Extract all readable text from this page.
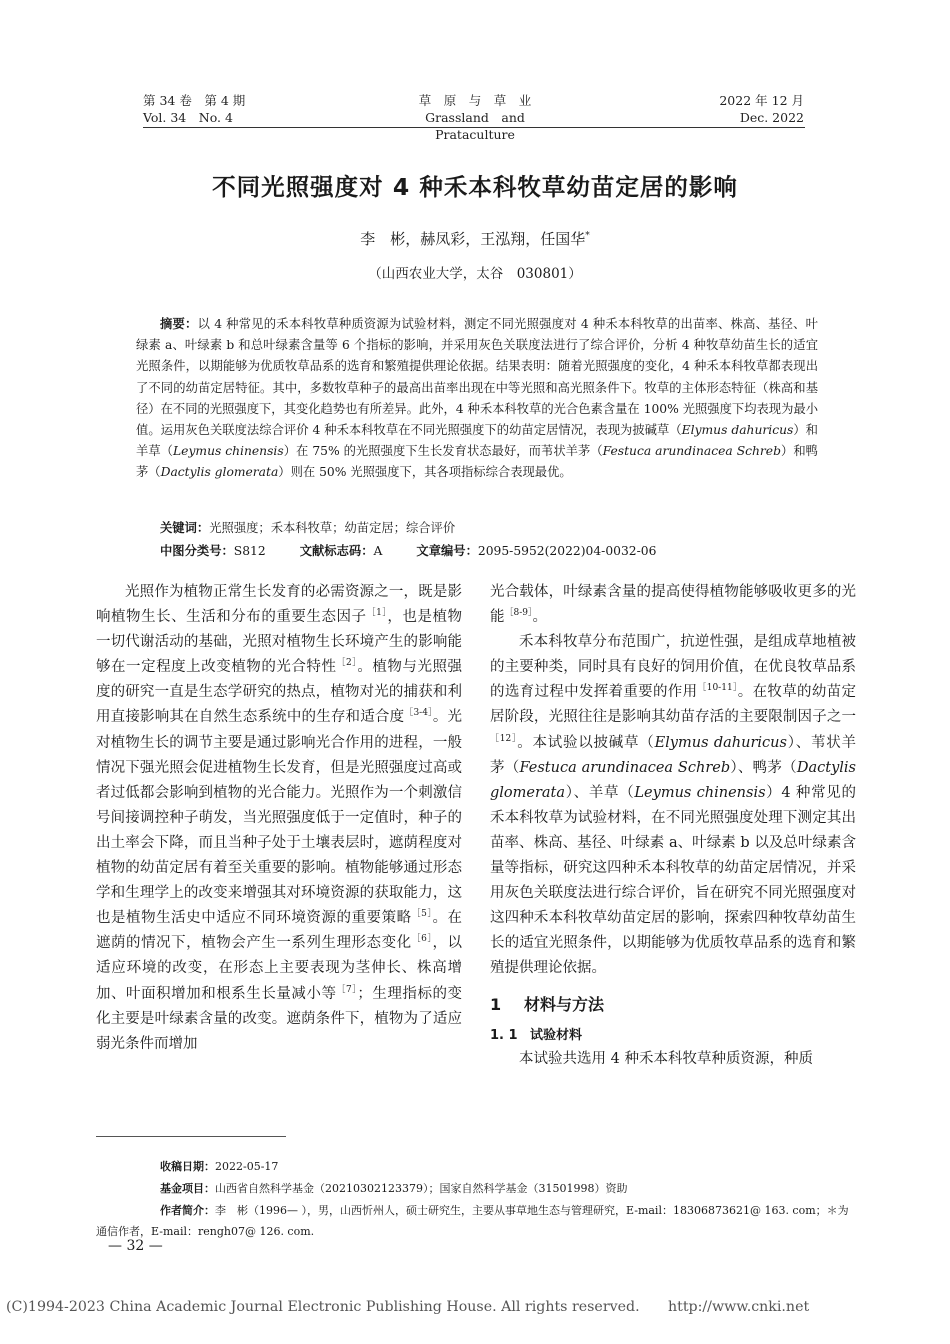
第 34 卷　第 4 期
Vol. 34　No. 4
草　原　与　草　业
Grassland　and　Prataculture
2022 年 12 月
Dec. 2022
不同光照强度对 4 种禾本科牧草幼苗定居的影响
李　彬，赫凤彩，王泓翔，任国华*
（山西农业大学，太谷　030801）
摘要：以 4 种常见的禾本科牧草种质资源为试验材料，测定不同光照强度对 4 种禾本科牧草的出苗率、株高、基径、叶绿素 a、叶绿素 b 和总叶绿素含量等 6 个指标的影响，并采用灰色关联度法进行了综合评价，分析 4 种牧草幼苗生长的适宜光照条件，以期能够为优质牧草品系的选育和繁殖提供理论依据。结果表明：随着光照强度的变化，4 种禾本科牧草都表现出了不同的幼苗定居特征。其中，多数牧草种子的最高出苗率出现在中等光照和高光照条件下。牧草的主体形态特征（株高和基径）在不同的光照强度下，其变化趋势也有所差异。此外，4 种禾本科牧草的光合色素含量在 100% 光照强度下均表现为最小值。运用灰色关联度法综合评价 4 种禾本科牧草在不同光照强度下的幼苗定居情况，表现为披碱草（Elymus dahuricus）和羊草（Leymus chinensis）在 75% 的光照强度下生长发育状态最好，而苇状羊茅（Festuca arundinacea Schreb）和鸭茅（Dactylis glomerata）则在 50% 光照强度下，其各项指标综合表现最优。
关键词：光照强度；禾本科牧草；幼苗定居；综合评价
中图分类号：S812	文献标志码：A	文章编号：2095-5952(2022)04-0032-06

光照作为植物正常生长发育的必需资源之一，既是影响植物生长、生活和分布的重要生态因子$^{[1]}$，也是植物一切代谢活动的基础，光照对植物生长环境产生的影响能够在一定程度上改变植物的光合特性$^{[2]}$。植物与光照强度的研究一直是生态学研究的热点，植物对光的捕获和利用直接影响其在自然生态系统中的生存和适合度$^{[3-4]}$。光对植物生长的调节主要是通过影响光合作用的进程，一般情况下强光照会促进植物生长发育，但是光照强度过高或者过低都会影响到植物的光合能力。光照作为一个刺激信号间接调控种子萌发，当光照强度低于一定值时，种子的出土率会下降，而且当种子处于土壤表层时，遮荫程度对植物的幼苗定居有着至关重要的影响。植物能够通过形态学和生理学上的改变来增强其对环境资源的获取能力，这也是植物生活史中适应不同环境资源的重要策略$^{[5]}$。在遮荫的情况下，植物会产生一系列生理形态变化$^{[6]}$，以适应环境的改变，在形态上主要表现为茎伸长、株高增加、叶面积增加和根系生长量减小等$^{[7]}$；生理指标的变化主要是叶绿素含量的改变。遮荫条件下，植物为了适应弱光条件而增加

光合载体，叶绿素含量的提高使得植物能够吸收更多的光能$^{[8-9]}$。

禾本科牧草分布范围广，抗逆性强，是组成草地植被的主要种类，同时具有良好的饲用价值，在优良牧草品系的选育过程中发挥着重要的作用$^{[10-11]}$。在牧草的幼苗定居阶段，光照往往是影响其幼苗存活的主要限制因子之一$^{[12]}$。本试验以披碱草（Elymus dahuricus）、苇状羊茅（Festuca arundinacea Schreb）、鸭茅（Dactylis glomerata）、羊草（Leymus chinensis）4 种常见的禾本科牧草为试验材料，在不同光照强度处理下测定其出苗率、株高、基径、叶绿素 a、叶绿素 b 以及总叶绿素含量等指标，研究这四种禾本科牧草的幼苗定居情况，并采用灰色关联度法进行综合评价，旨在研究不同光照强度对这四种禾本科牧草幼苗定居的影响，探索四种牧草幼苗生长的适宜光照条件，以期能够为优质牧草品系的选育和繁殖提供理论依据。

1 材料与方法
1. 1 试验材料

本试验共选用 4 种禾本科牧草种质资源，种质

收稿日期：2022-05-17
基金项目：山西省自然科学基金（20210302123379）；国家自然科学基金（31501998）资助
作者简介：李　彬（1996— ），男，山西忻州人，硕士研究生，主要从事草地生态与管理研究，E-mail：18306873621@ 163. com；＊为通信作者，E-mail：rengh07@ 126. com.
— 32 —
(C)1994-2023 China Academic Journal Electronic Publishing House. All rights reserved.　　http://www.cnki.net
